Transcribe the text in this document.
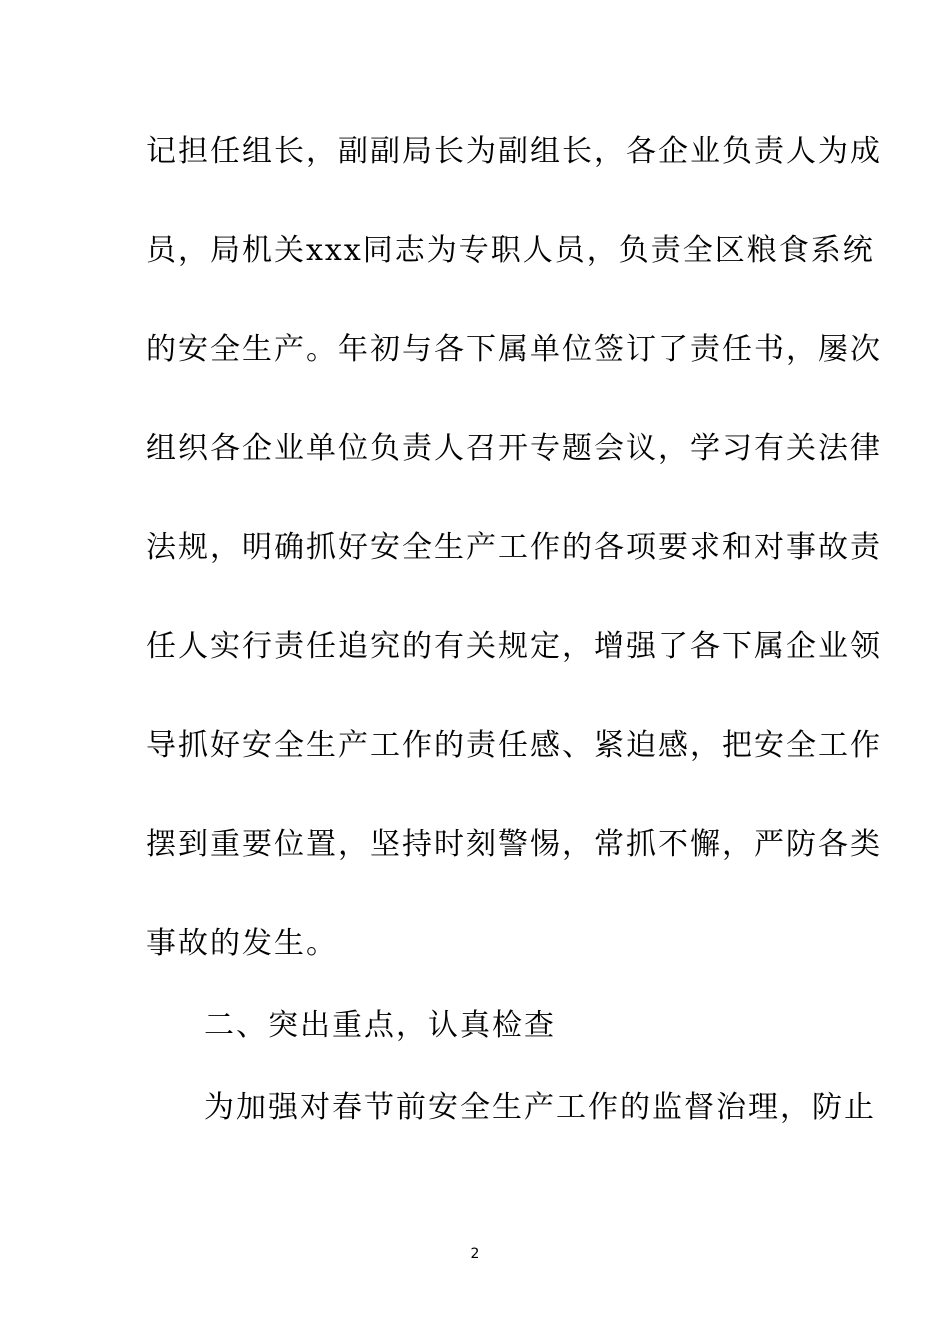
记担任组长，副副局长为副组长，各企业负责人为成

员，局机关xxx同志为专职人员，负责全区粮食系统

的安全生产。年初与各下属单位签订了责任书，屡次

组织各企业单位负责人召开专题会议，学习有关法律

法规，明确抓好安全生产工作的各项要求和对事故责

任人实行责任追究的有关规定，增强了各下属企业领

导抓好安全生产工作的责任感、紧迫感，把安全工作

摆到重要位置，坚持时刻警惕，常抓不懈，严防各类

事故的发生。

二、突出重点，认真检查

为加强对春节前安全生产工作的监督治理，防止

2
